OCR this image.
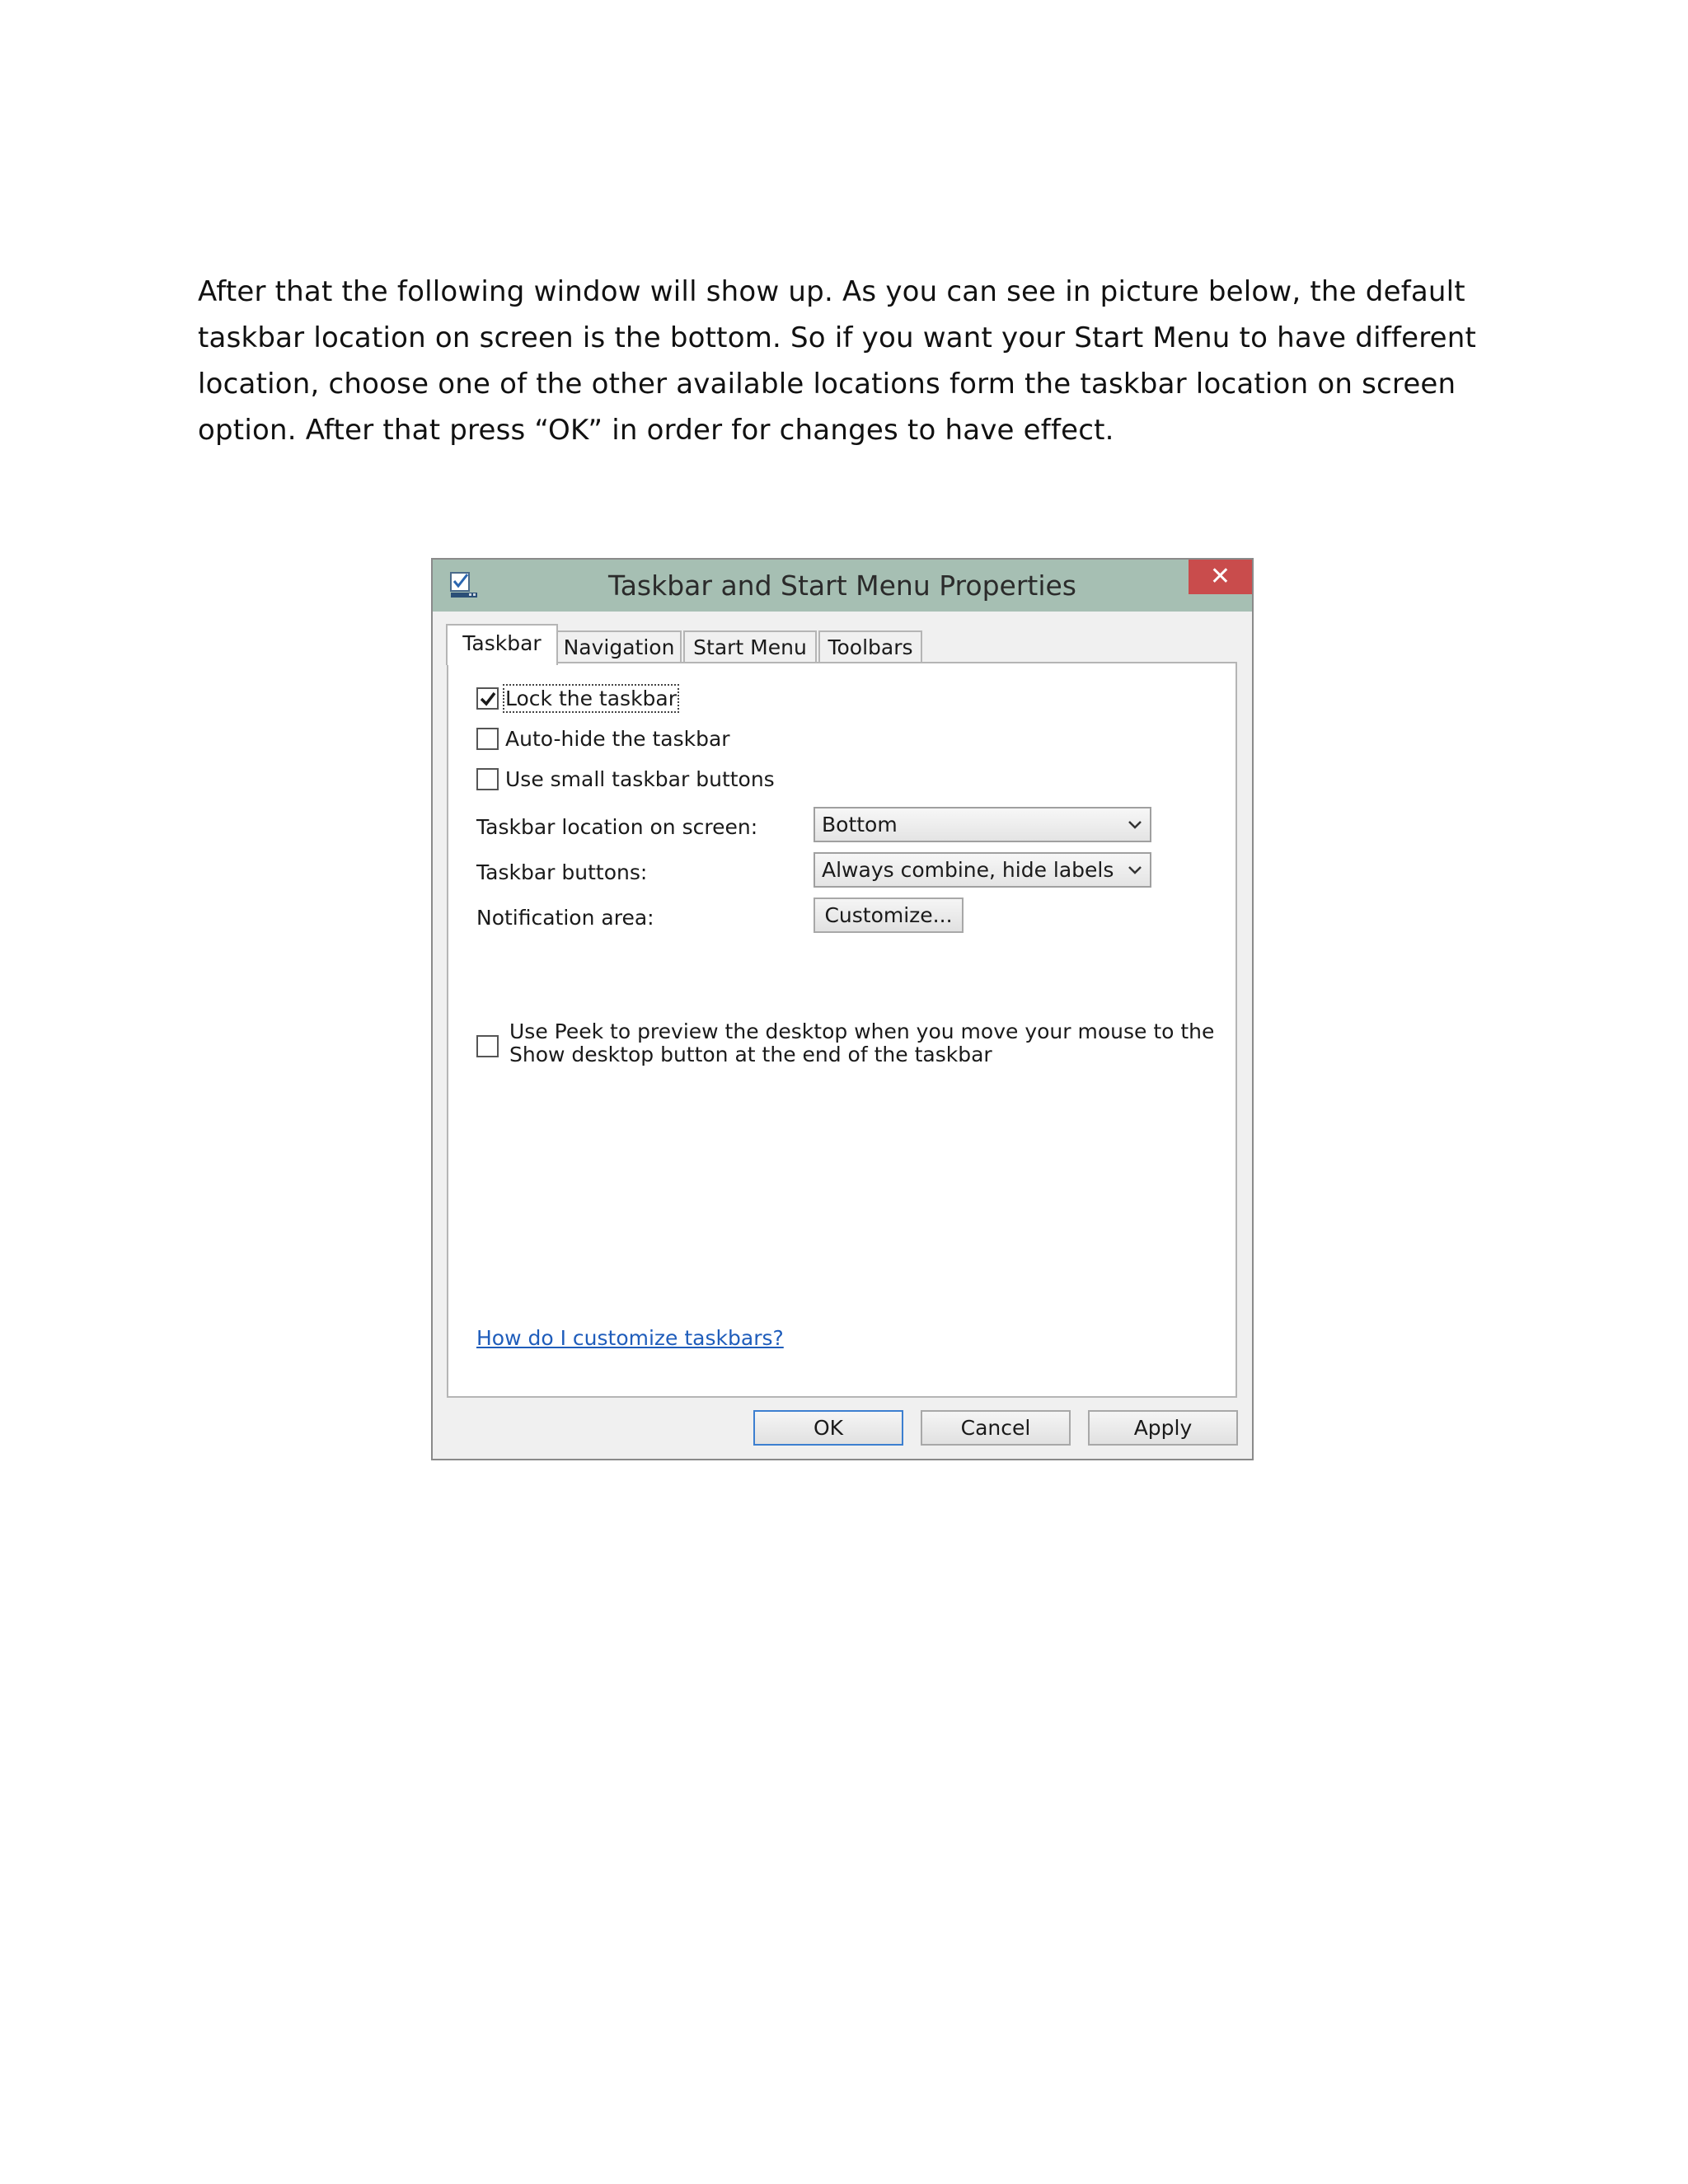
After that the following window will show up. As you can see in picture below, the default

taskbar location on screen is the bottom. So if you want your Start Menu to have different

location, choose one of the other available locations form the taskbar location on screen

option. After that press “OK” in order for changes to have effect.

Taskbar and Start Menu Properties	✕
Taskbar	Navigation Start Menu	Toolbars
Lock the taskbar
Auto-hide the taskbar
Use small taskbar buttons
Taskbar location on screen:	Bottom
Taskbar buttons:	Always combine, hide labels
Notification area:	Customize...
Use Peek to preview the desktop when you move your mouse to the
Show desktop button at the end of the taskbar
How do I customize taskbars?
OK	Cancel	Apply
